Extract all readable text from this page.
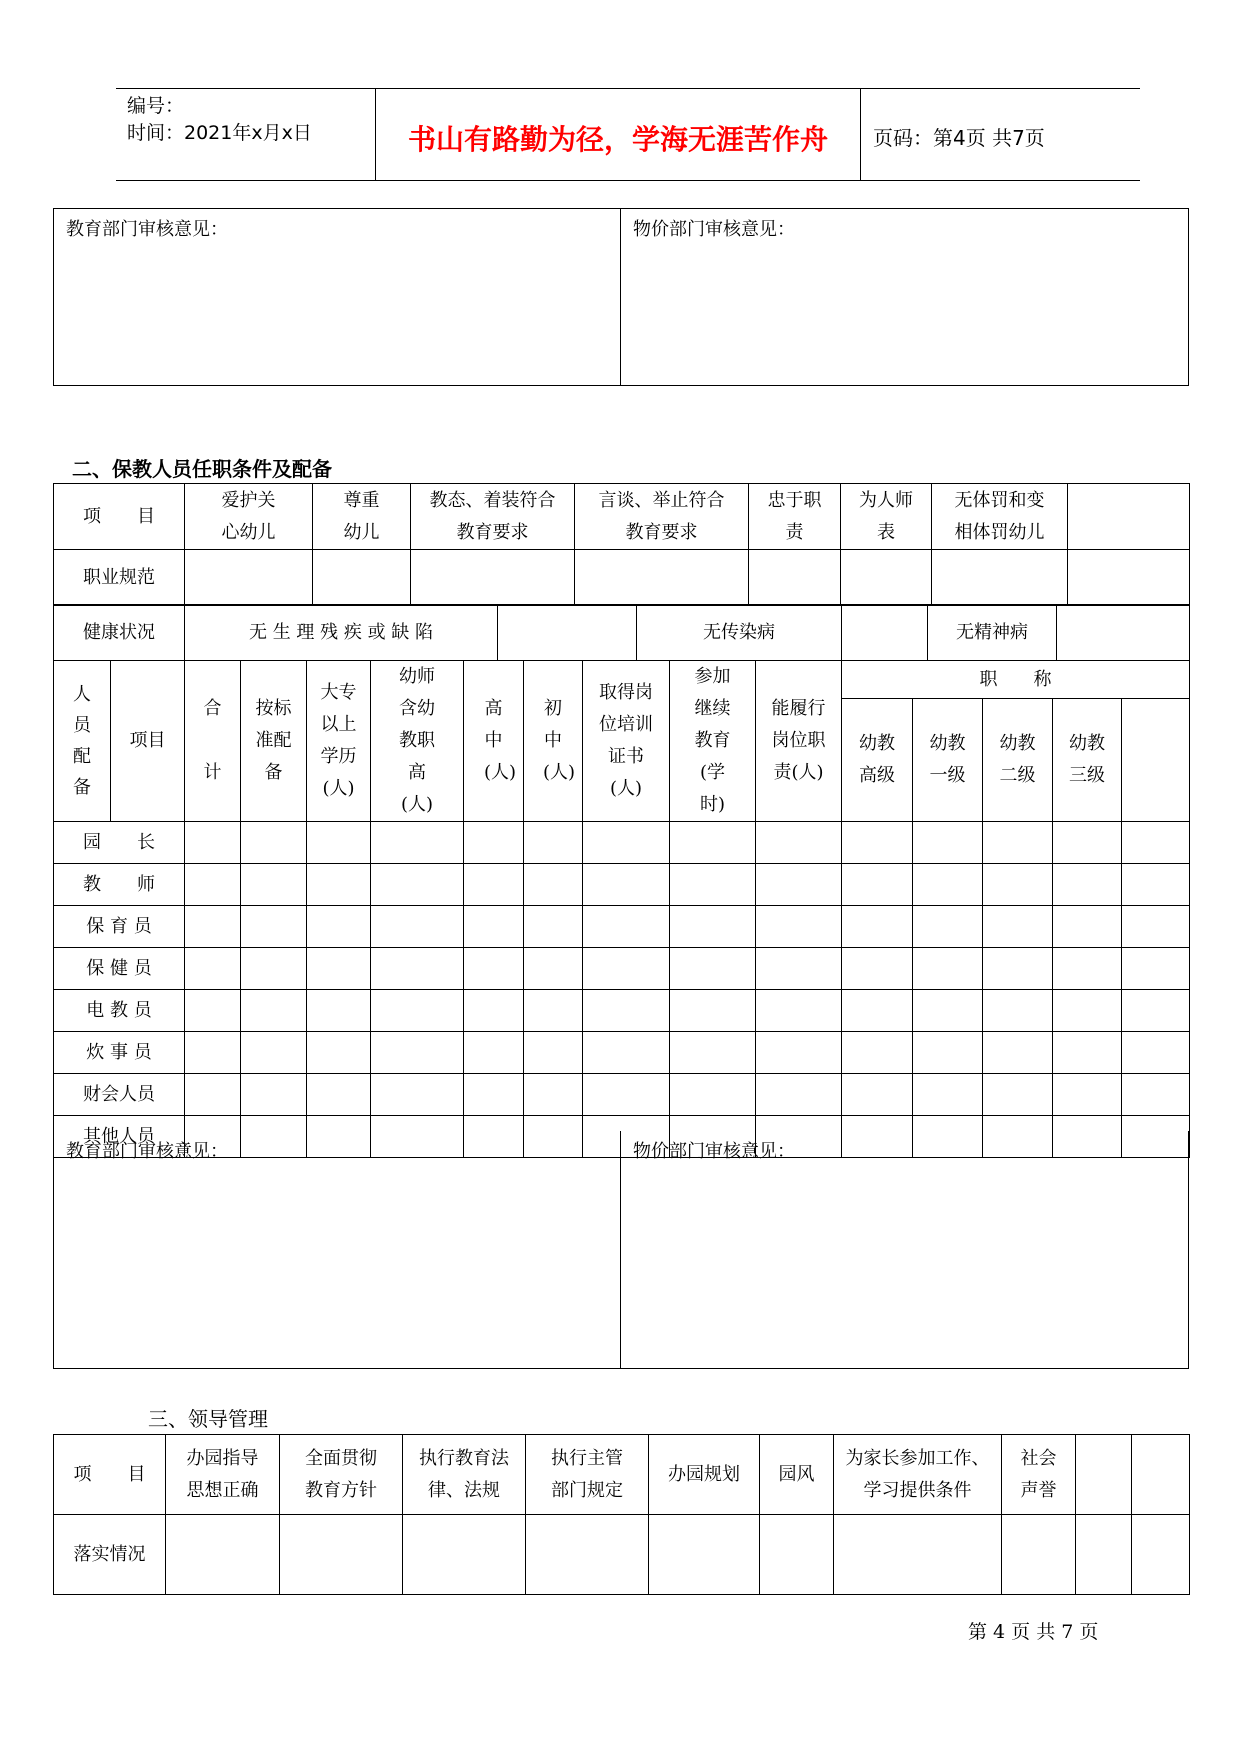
编号：
时间：2021年x月x日	书山有路勤为径，学海无涯苦作舟	页码：第4页 共7页
教育部门审核意见：	物价部门审核意见：
二、保教人员任职条件及配备
项　　目	爱护关心幼儿	尊重幼儿	教态、着装符合教育要求	言谈、举止符合教育要求	忠于职责	为人师表	无体罚和变相体罚幼儿	
职业规范								
健康状况	无 生 理 残 疾 或 缺 陷		无传染病		无精神病	
人员配备	项目	合计	按标准配备	大专以上学历(人)	幼师含幼教职高(人)	高中(人)	初中(人)	取得岗位培训证书(人)	参加继续教育(学时)	能履行岗位职责(人)	职　　称				
											幼教高级	幼教一级	幼教二级	幼教三级	
园　　长															
教　　师															
保 育 员															
保 健 员															
电 教 员															
炊 事 员															
财会人员															
其他人员															
教育部门审核意见：	物价部门审核意见：
三、领导管理
项　　目	办园指导思想正确	全面贯彻教育方针	执行教育法律、法规	执行主管部门规定	办园规划	园风	为家长参加工作、学习提供条件	社会声誉		
落实情况										
第 4 页 共 7 页
